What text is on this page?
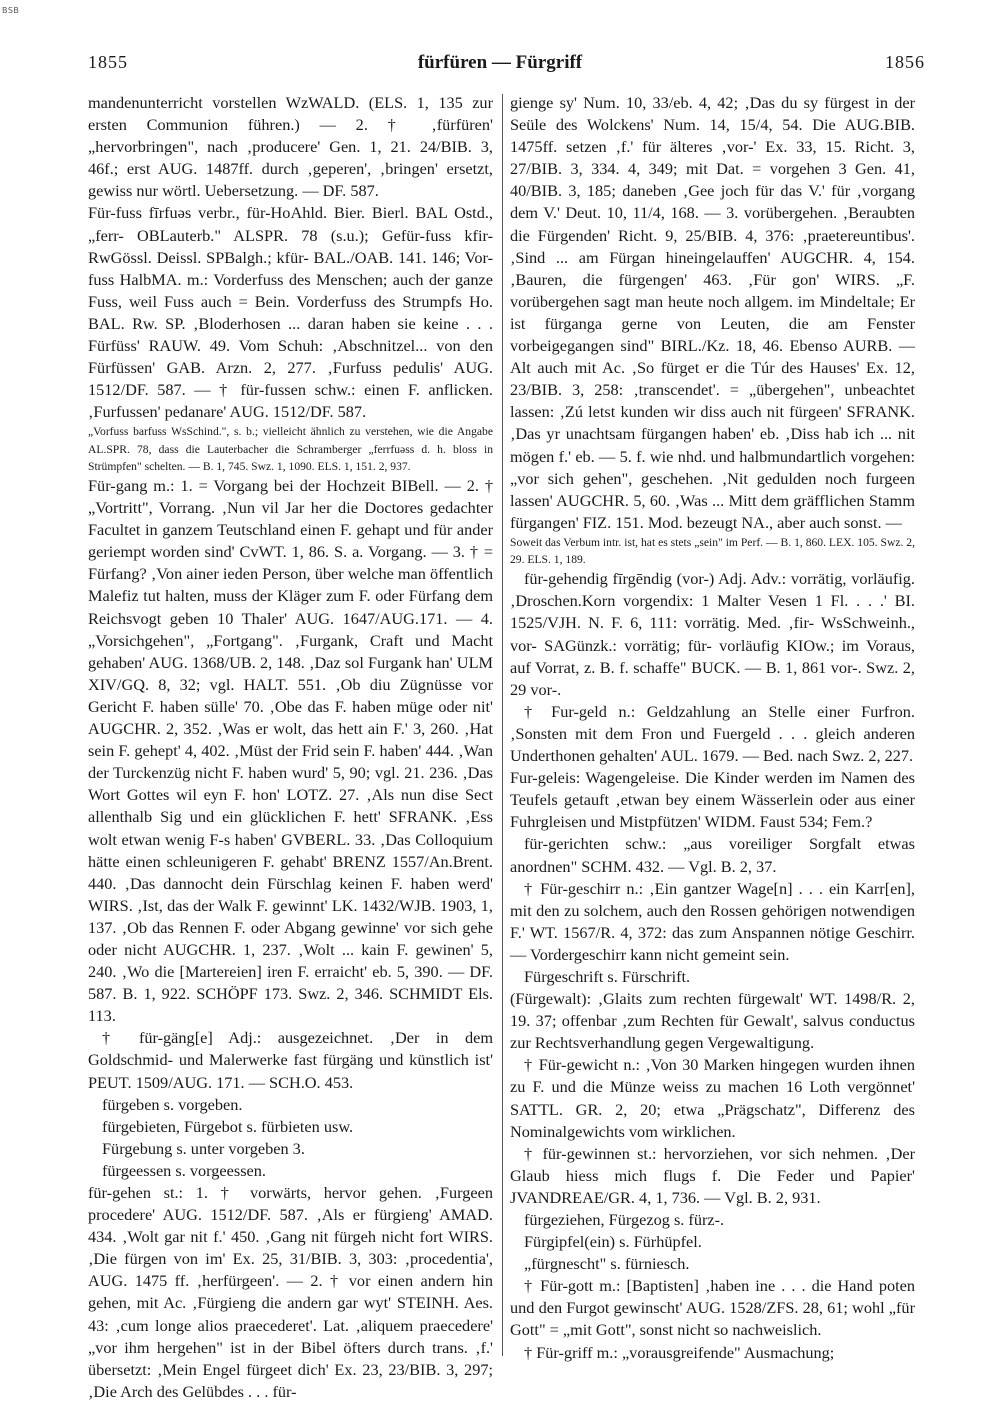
BSB
1855	fürfüren — Fürgriff	1856

mandenunterricht vorstellen WzWALD. (ELS. 1, 135 zur ersten Communion führen.) — 2. † ‚fürfüren' „hervorbringen", nach ‚producere' Gen. 1, 21. 24/BIB. 3, 46f.; erst AUG. 1487ff. durch ‚geperen', ‚bringen' ersetzt, gewiss nur wörtl. Uebersetzung. — DF. 587.

Für-fuss fīrfuəs verbr., für-HoAhld. Bier. Bierl. BAL Ostd., „ferr- OBLauterb." ALSPR. 78 (s.u.); Gefür-fuss kfir- RwGössl. Deissl. SPBalgh.; kfür- BAL./OAB. 141. 146; Vor-fuss HalbMA. m.: Vorderfuss des Menschen; auch der ganze Fuss, weil Fuss auch = Bein. Vorderfuss des Strumpfs Ho. BAL. Rw. SP. ‚Bloderhosen ... daran haben sie keine . . . Fürfüss' RAUW. 49. Vom Schuh: ‚Abschnitzel... von den Fürfüssen' GAB. Arzn. 2, 277. ‚Furfuss pedulis' AUG. 1512/DF. 587. — † für-fussen schw.: einen F. anflicken. ‚Furfussen' pedanare' AUG. 1512/DF. 587.

„Vorfuss barfuss WsSchind.", s. b.; vielleicht ähnlich zu verstehen, wie die Angabe AL.SPR. 78, dass die Lauterbacher die Schramberger „ferrfuəss d. h. bloss in Strümpfen" schelten. — B. 1, 745. Swz. 1, 1090. ELS. 1, 151. 2, 937.

Für-gang m.: 1. = Vorgang bei der Hochzeit BIBell. — 2. † „Vortritt", Vorrang. ‚Nun vil Jar her die Doctores gedachter Facultet in ganzem Teutschland einen F. gehapt und für ander geriempt worden sind' CvWT. 1, 86. S. a. Vorgang. — 3. † = Fürfang? ‚Von ainer ieden Person, über welche man öffentlich Malefiz tut halten, muss der Kläger zum F. oder Fürfang dem Reichsvogt geben 10 Thaler' AUG. 1647/AUG.171. — 4. „Vorsichgehen", „Fortgang". ‚Furgank, Craft und Macht gehaben' AUG. 1368/UB. 2, 148. ‚Daz sol Furgank han' ULM XIV/GQ. 8, 32; vgl. HALT. 551. ‚Ob diu Zügnüsse vor Gericht F. haben sülle' 70. ‚Obe das F. haben müge oder nit' AUGCHR. 2, 352. ‚Was er wolt, das hett ain F.' 3, 260. ‚Hat sein F. gehept' 4, 402. ‚Müst der Frid sein F. haben' 444. ‚Wan der Turckenzüg nicht F. haben wurd' 5, 90; vgl. 21. 236. ‚Das Wort Gottes wil eyn F. hon' LOTZ. 27. ‚Als nun dise Sect allenthalb Sig und ein glücklichen F. hett' SFRANK. ‚Ess wolt etwan wenig F-s haben' GVBERL. 33. ‚Das Colloquium hätte einen schleunigeren F. gehabt' BRENZ 1557/An.Brent. 440. ‚Das dannocht dein Fürschlag keinen F. haben werd' WIRS. ‚Ist, das der Walk F. gewinnt' LK. 1432/WJB. 1903, 1, 137. ‚Ob das Rennen F. oder Abgang gewinne' vor sich gehe oder nicht AUGCHR. 1, 237. ‚Wolt ... kain F. gewinen' 5, 240. ‚Wo die [Martereien] iren F. erraicht' eb. 5, 390. — DF. 587. B. 1, 922. SCHÖPF 173. Swz. 2, 346. SCHMIDT Els. 113.

† für-gäng[e] Adj.: ausgezeichnet. ‚Der in dem Goldschmid- und Malerwerke fast fürgäng und künstlich ist' PEUT. 1509/AUG. 171. — SCH.O. 453.

fürgeben s. vorgeben.

fürgebieten, Fürgebot s. fürbieten usw.

Fürgebung s. unter vorgeben 3.

fürgeessen s. vorgeessen.

für-gehen st.: 1. † vorwärts, hervor gehen. ‚Furgeen procedere' AUG. 1512/DF. 587. ‚Als er fürgieng' AMAD. 434. ‚Wolt gar nit f.' 450. ‚Gang nit fürgeh nicht fort WIRS. ‚Die fürgen von im' Ex. 25, 31/BIB. 3, 303: ‚procedentia', AUG. 1475 ff. ‚herfürgeen'. — 2. † vor einen andern hin gehen, mit Ac. ‚Fürgieng die andern gar wyt' STEINH. Aes. 43: ‚cum longe alios praecederet'. Lat. ‚aliquem praecedere' „vor ihm hergehen" ist in der Bibel öfters durch trans. ‚f.' übersetzt: ‚Mein Engel fürgeet dich' Ex. 23, 23/BIB. 3, 297; ‚Die Arch des Gelübdes . . . für-

gienge sy' Num. 10, 33/eb. 4, 42; ‚Das du sy fürgest in der Seüle des Wolckens' Num. 14, 15/4, 54. Die AUG.BIB. 1475ff. setzen ‚f.' für älteres ‚vor-' Ex. 33, 15. Richt. 3, 27/BIB. 3, 334. 4, 349; mit Dat. = vorgehen 3 Gen. 41, 40/BIB. 3, 185; daneben ‚Gee joch für das V.' für ‚vorgang dem V.' Deut. 10, 11/4, 168. — 3. vorübergehen. ‚Beraubten die Fürgenden' Richt. 9, 25/BIB. 4, 376: ‚praetereuntibus'. ‚Sind ... am Fürgan hineingelauffen' AUGCHR. 4, 154. ‚Bauren, die fürgengen' 463. ‚Für gon' WIRS. „F. vorübergehen sagt man heute noch allgem. im Mindeltale; Er ist fürganga gerne von Leuten, die am Fenster vorbeigegangen sind" BIRL./Kz. 18, 46. Ebenso AURB. — Alt auch mit Ac. ‚So fürget er die Túr des Hauses' Ex. 12, 23/BIB. 3, 258: ‚transcendet'. = „übergehen", unbeachtet lassen: ‚Zú letst kunden wir diss auch nit fürgeen' SFRANK. ‚Das yr unachtsam fürgangen haben' eb. ‚Diss hab ich ... nit mögen f.' eb. — 5. f. wie nhd. und halbmundartlich vorgehen: „vor sich gehen", geschehen. ‚Nit gedulden noch furgeen lassen' AUGCHR. 5, 60. ‚Was ... Mitt dem gräfflichen Stamm fürgangen' FIZ. 151. Mod. bezeugt NA., aber auch sonst. —

Soweit das Verbum intr. ist, hat es stets „sein" im Perf. — B. 1, 860. LEX. 105. Swz. 2, 29. ELS. 1, 189.

für-gehendig fīrgēndig (vor-) Adj. Adv.: vorrätig, vorläufig. ‚Droschen.Korn vorgendix: 1 Malter Vesen 1 Fl. . . .' BI. 1525/VJH. N. F. 6, 111: vorrätig. Med. ‚fir- WsSchweinh., vor- SAGünzk.: vorrätig; für- vorläufig KIOw.; im Voraus, auf Vorrat, z. B. f. schaffe" BUCK. — B. 1, 861 vor-. Swz. 2, 29 vor-.

† Fur-geld n.: Geldzahlung an Stelle einer Furfron. ‚Sonsten mit dem Fron und Fuergeld . . . gleich anderen Underthonen gehalten' AUL. 1679. — Bed. nach Swz. 2, 227.

Fur-geleis: Wagengeleise. Die Kinder werden im Namen des Teufels getauft ‚etwan bey einem Wässerlein oder aus einer Fuhrgleisen und Mistpfützen' WIDM. Faust 534; Fem.?

für-gerichten schw.: „aus voreiliger Sorgfalt etwas anordnen" SCHM. 432. — Vgl. B. 2, 37.

† Für-geschirr n.: ‚Ein gantzer Wage[n] . . . ein Karr[en], mit den zu solchem, auch den Rossen gehörigen notwendigen F.' WT. 1567/R. 4, 372: das zum Anspannen nötige Geschirr. — Vordergeschirr kann nicht gemeint sein.

Fürgeschrift s. Fürschrift.

(Fürgewalt): ‚Glaits zum rechten fürgewalt' WT. 1498/R. 2, 19. 37; offenbar ‚zum Rechten für Gewalt', salvus conductus zur Rechtsverhandlung gegen Vergewaltigung.

† Für-gewicht n.: ‚Von 30 Marken hingegen wurden ihnen zu F. und die Münze weiss zu machen 16 Loth vergönnet' SATTL. GR. 2, 20; etwa „Prägschatz", Differenz des Nominalgewichts vom wirklichen.

† für-gewinnen st.: hervorziehen, vor sich nehmen. ‚Der Glaub hiess mich flugs f. Die Feder und Papier' JVANDREAE/GR. 4, 1, 736. — Vgl. B. 2, 931.

fürgeziehen, Fürgezog s. fürz-.

Fürgipfel(ein) s. Fürhüpfel.

„fürgnescht" s. fürniesch.

† Für-gott m.: [Baptisten] ‚haben ine . . . die Hand poten und den Furgot gewinscht' AUG. 1528/ZFS. 28, 61; wohl „für Gott" = „mit Gott", sonst nicht so nachweislich.

† Für-griff m.: „vorausgreifende" Ausmachung;
